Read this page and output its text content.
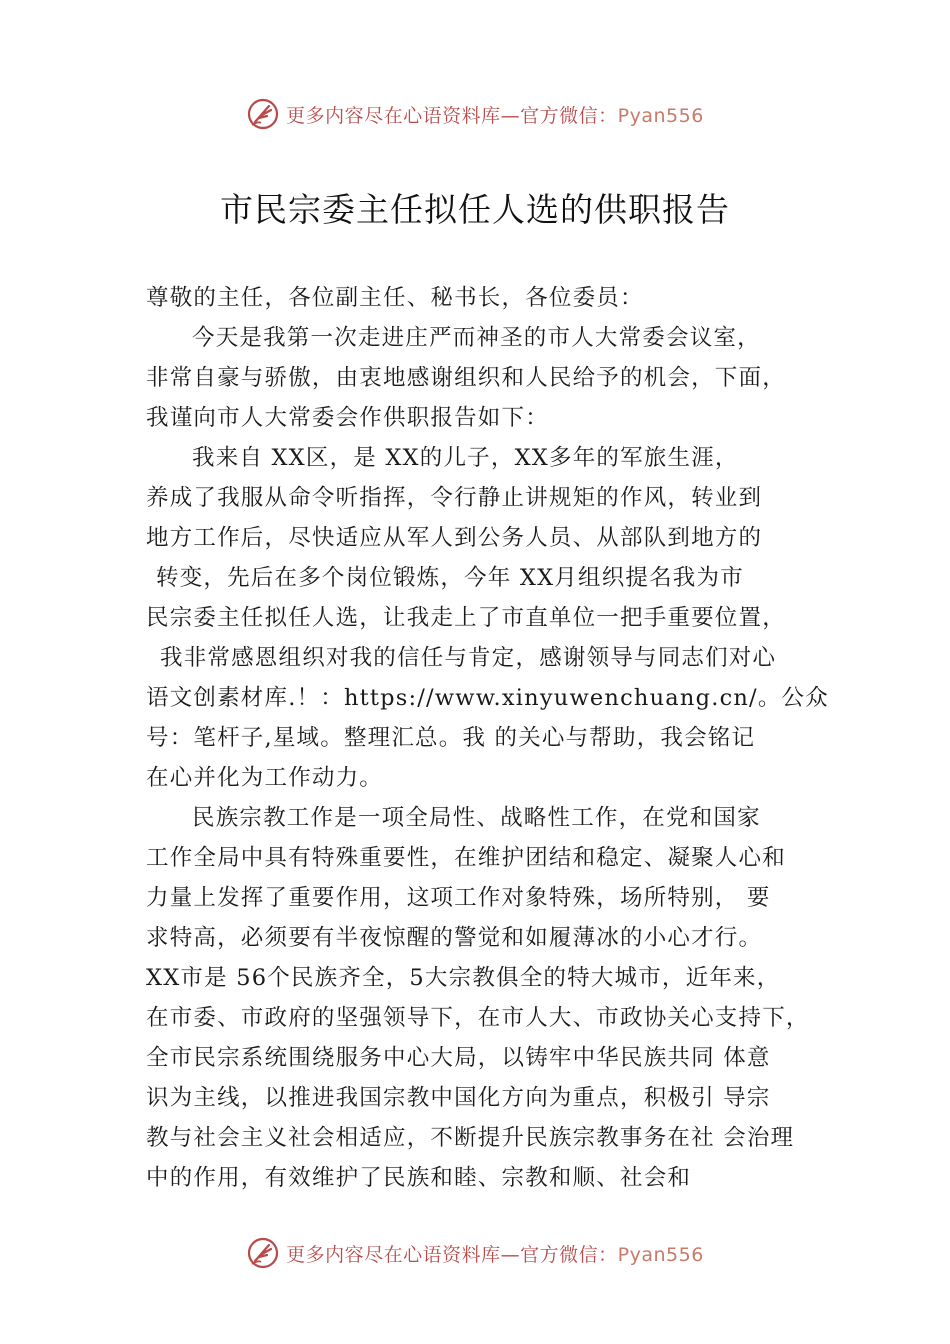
更多内容尽在心语资料库—官方微信：Pyan556
市民宗委主任拟任人选的供职报告
尊敬的主任，各位副主任、秘书长，各位委员：
今天是我第一次走进庄严而神圣的市人大常委会议室，
非常自豪与骄傲，由衷地感谢组织和人民给予的机会，下面，
我谨向市人大常委会作供职报告如下：
我来自 XX区，是 XX的儿子，XX多年的军旅生涯，
养成了我服从命令听指挥，令行静止讲规矩的作风，转业到
地方工作后，尽快适应从军人到公务人员、从部队到地方的
转变，先后在多个岗位锻炼，今年 XX月组织提名我为市
民宗委主任拟任人选，让我走上了市直单位一把手重要位置，
我非常感恩组织对我的信任与肯定，感谢领导与同志们对心
语文创素材库.！：https://www.xinyuwenchuang.cn/。公众
号：笔杆子,星域。整理汇总。我 的关心与帮助，我会铭记
在心并化为工作动力。
民族宗教工作是一项全局性、战略性工作，在党和国家
工作全局中具有特殊重要性，在维护团结和稳定、凝聚人心和
力量上发挥了重要作用，这项工作对象特殊，场所特别， 要
求特高，必须要有半夜惊醒的警觉和如履薄冰的小心才行。
XX市是 56个民族齐全，5大宗教俱全的特大城市，近年来，
在市委、市政府的坚强领导下，在市人大、市政协关心支持下，
全市民宗系统围绕服务中心大局，以铸牢中华民族共同 体意
识为主线，以推进我国宗教中国化方向为重点，积极引 导宗
教与社会主义社会相适应，不断提升民族宗教事务在社 会治理
中的作用，有效维护了民族和睦、宗教和顺、社会和
更多内容尽在心语资料库—官方微信：Pyan556
